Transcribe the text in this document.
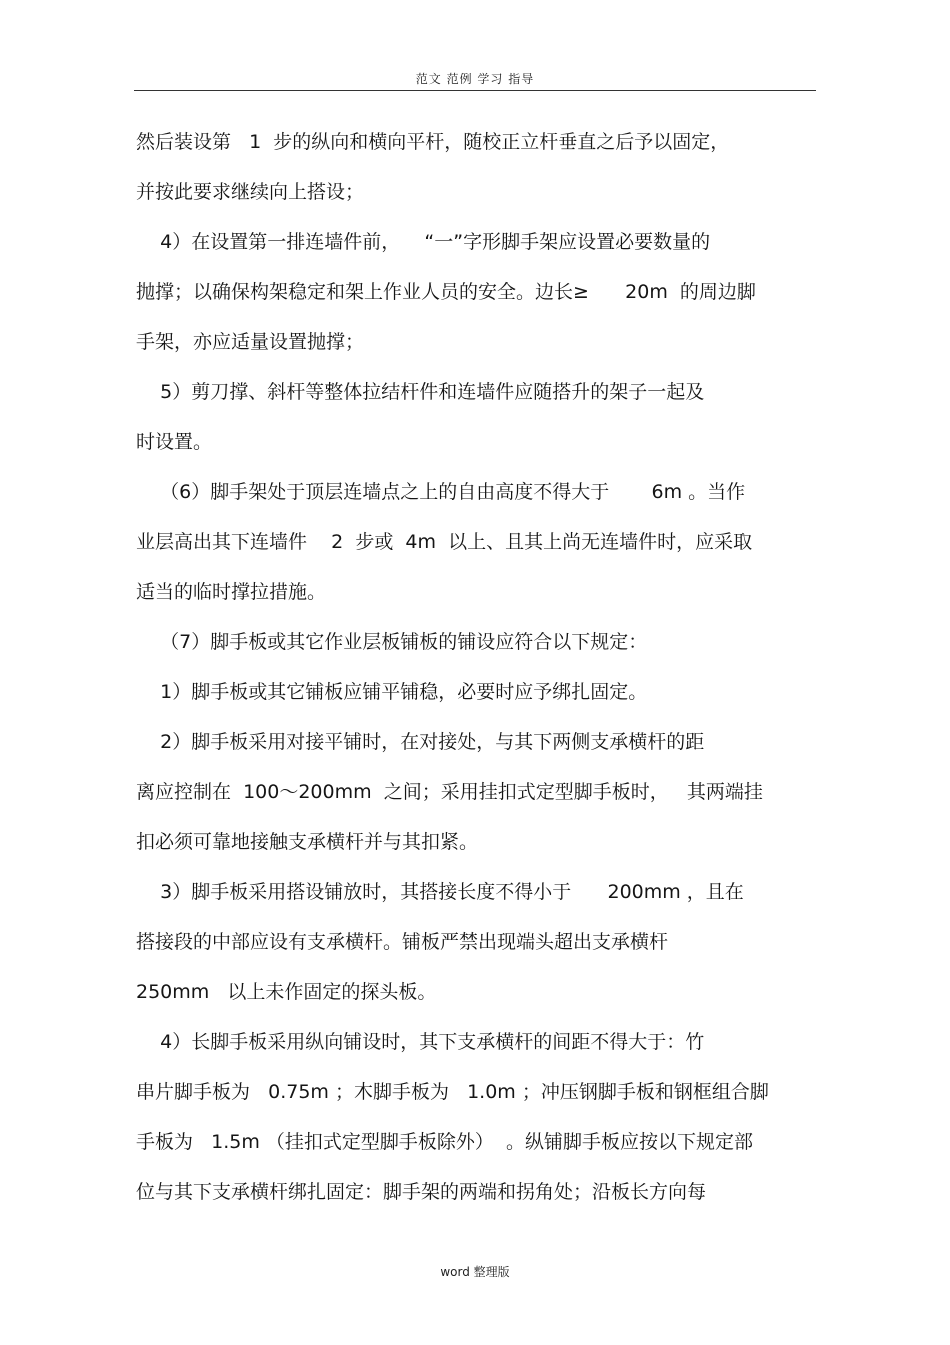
范文 范例 学习 指导
然后装设第   1  步的纵向和横向平杆，随校正立杆垂直之后予以固定，
并按此要求继续向上搭设；
4）在设置第一排连墙件前，    “一”字形脚手架应设置必要数量的
抛撑；以确保构架稳定和架上作业人员的安全。边长≥      20m  的周边脚
手架，亦应适量设置抛撑；
5）剪刀撑、斜杆等整体拉结杆件和连墙件应随搭升的架子一起及
时设置。
（6）脚手架处于顶层连墙点之上的自由高度不得大于       6m 。当作
业层高出其下连墙件    2  步或  4m  以上、且其上尚无连墙件时，应采取
适当的临时撑拉措施。
（7）脚手板或其它作业层板铺板的铺设应符合以下规定：
1）脚手板或其它铺板应铺平铺稳，必要时应予绑扎固定。
2）脚手板采用对接平铺时，在对接处，与其下两侧支承横杆的距
离应控制在  100～200mm  之间；采用挂扣式定型脚手板时，   其两端挂
扣必须可靠地接触支承横杆并与其扣紧。
3）脚手板采用搭设铺放时，其搭接长度不得小于      200mm ，且在
搭接段的中部应设有支承横杆。铺板严禁出现端头超出支承横杆
250mm   以上未作固定的探头板。
4）长脚手板采用纵向铺设时，其下支承横杆的间距不得大于：竹
串片脚手板为   0.75m ；木脚手板为   1.0m ；冲压钢脚手板和钢框组合脚
手板为   1.5m （挂扣式定型脚手板除外）  。纵铺脚手板应按以下规定部
位与其下支承横杆绑扎固定：脚手架的两端和拐角处；沿板长方向每
word 整理版
